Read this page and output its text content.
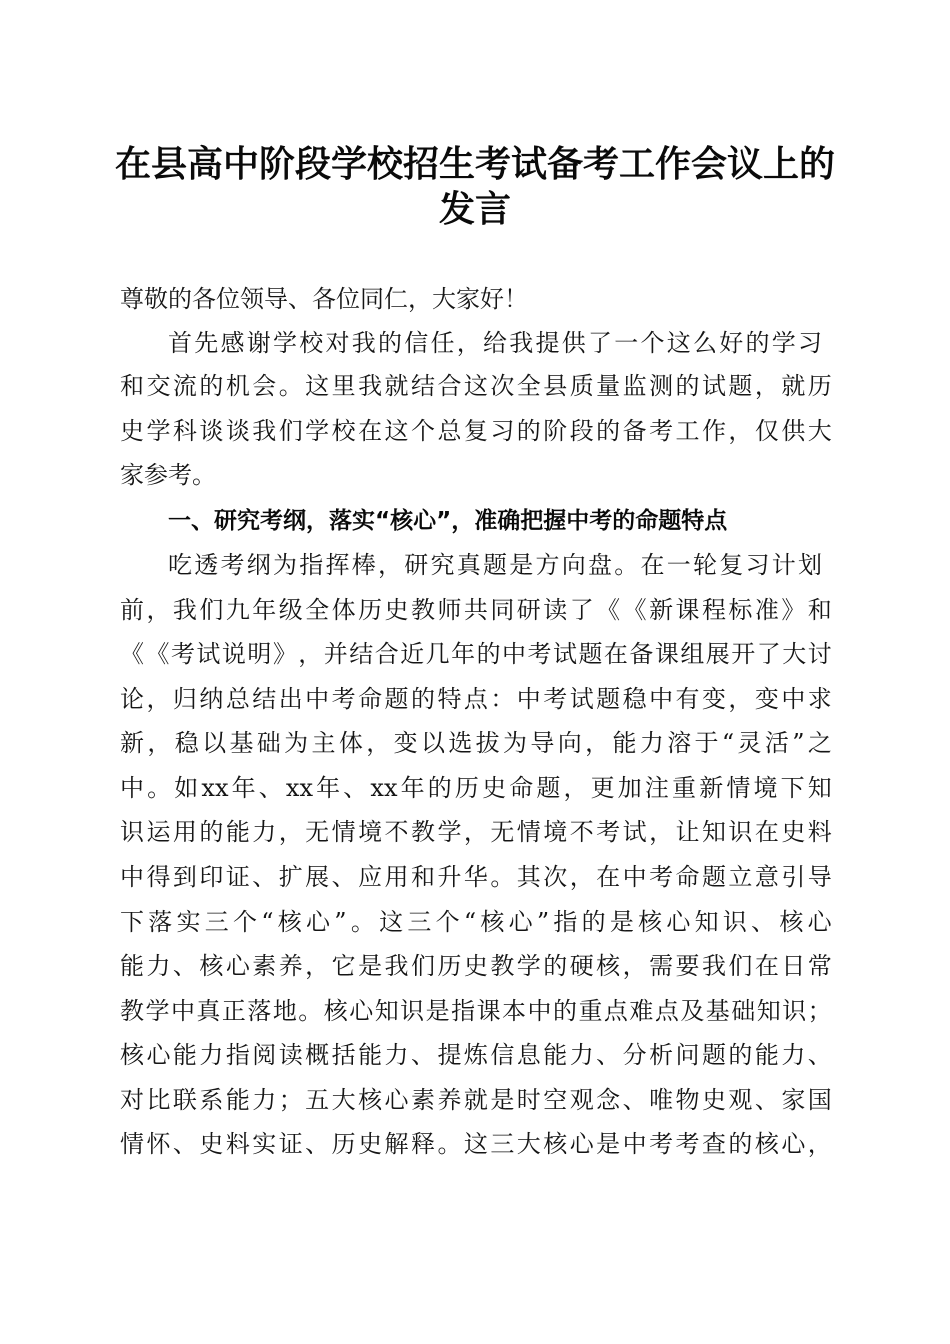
在县高中阶段学校招生考试备考工作会议上的
发言
尊敬的各位领导、各位同仁，大家好！
首 先 感 谢 学 校 对 我 的 信 任 ， 给 我 提 供 了 一 个 这 么 好 的 学 习
和 交 流 的 机 会 。 这 里 我 就 结 合 这 次 全 县 质 量 监 测 的 试 题 ， 就 历
史 学 科 谈 谈 我 们 学 校 在 这 个 总 复 习 的 阶 段 的 备 考 工 作 ， 仅 供 大
家参考。
一、研究考纲，落实“核心”，准确把握中考的命题特点
吃 透 考 纲 为 指 挥 棒 ， 研 究 真 题 是 方 向 盘 。 在 一 轮 复 习 计 划
前 ， 我 们 九 年 级 全 体 历 史 教 师 共 同 研 读 了 《 《 新 课 程 标 准 》 和
《 《 考 试 说 明 》 ， 并 结 合 近 几 年 的 中 考 试 题 在 备 课 组 展 开 了 大 讨
论 ， 归 纳 总 结 出 中 考 命 题 的 特 点 ： 中 考 试 题 稳 中 有 变 ， 变 中 求
新 ， 稳 以 基 础 为 主 体 ， 变 以 选 拔 为 导 向 ， 能 力 溶 于 “ 灵 活 ” 之
中 。 如 xx 年 、 xx 年 、 xx 年 的 历 史 命 题 ， 更 加 注 重 新 情 境 下 知
识 运 用 的 能 力 ， 无 情 境 不 教 学 ， 无 情 境 不 考 试 ， 让 知 识 在 史 料
中 得 到 印 证 、 扩 展 、 应 用 和 升 华 。 其 次 ， 在 中 考 命 题 立 意 引 导
下 落 实 三 个 “ 核 心 ” 。 这 三 个 “ 核 心 ” 指 的 是 核 心 知 识 、 核 心
能 力 、 核 心 素 养 ， 它 是 我 们 历 史 教 学 的 硬 核 ， 需 要 我 们 在 日 常
教 学 中 真 正 落 地 。 核 心 知 识 是 指 课 本 中 的 重 点 难 点 及 基 础 知 识 ；
核 心 能 力 指 阅 读 概 括 能 力 、 提 炼 信 息 能 力 、 分 析 问 题 的 能 力 、
对 比 联 系 能 力 ； 五 大 核 心 素 养 就 是 时 空 观 念 、 唯 物 史 观 、 家 国
情 怀 、 史 料 实 证 、 历 史 解 释 。 这 三 大 核 心 是 中 考 考 查 的 核 心 ，
